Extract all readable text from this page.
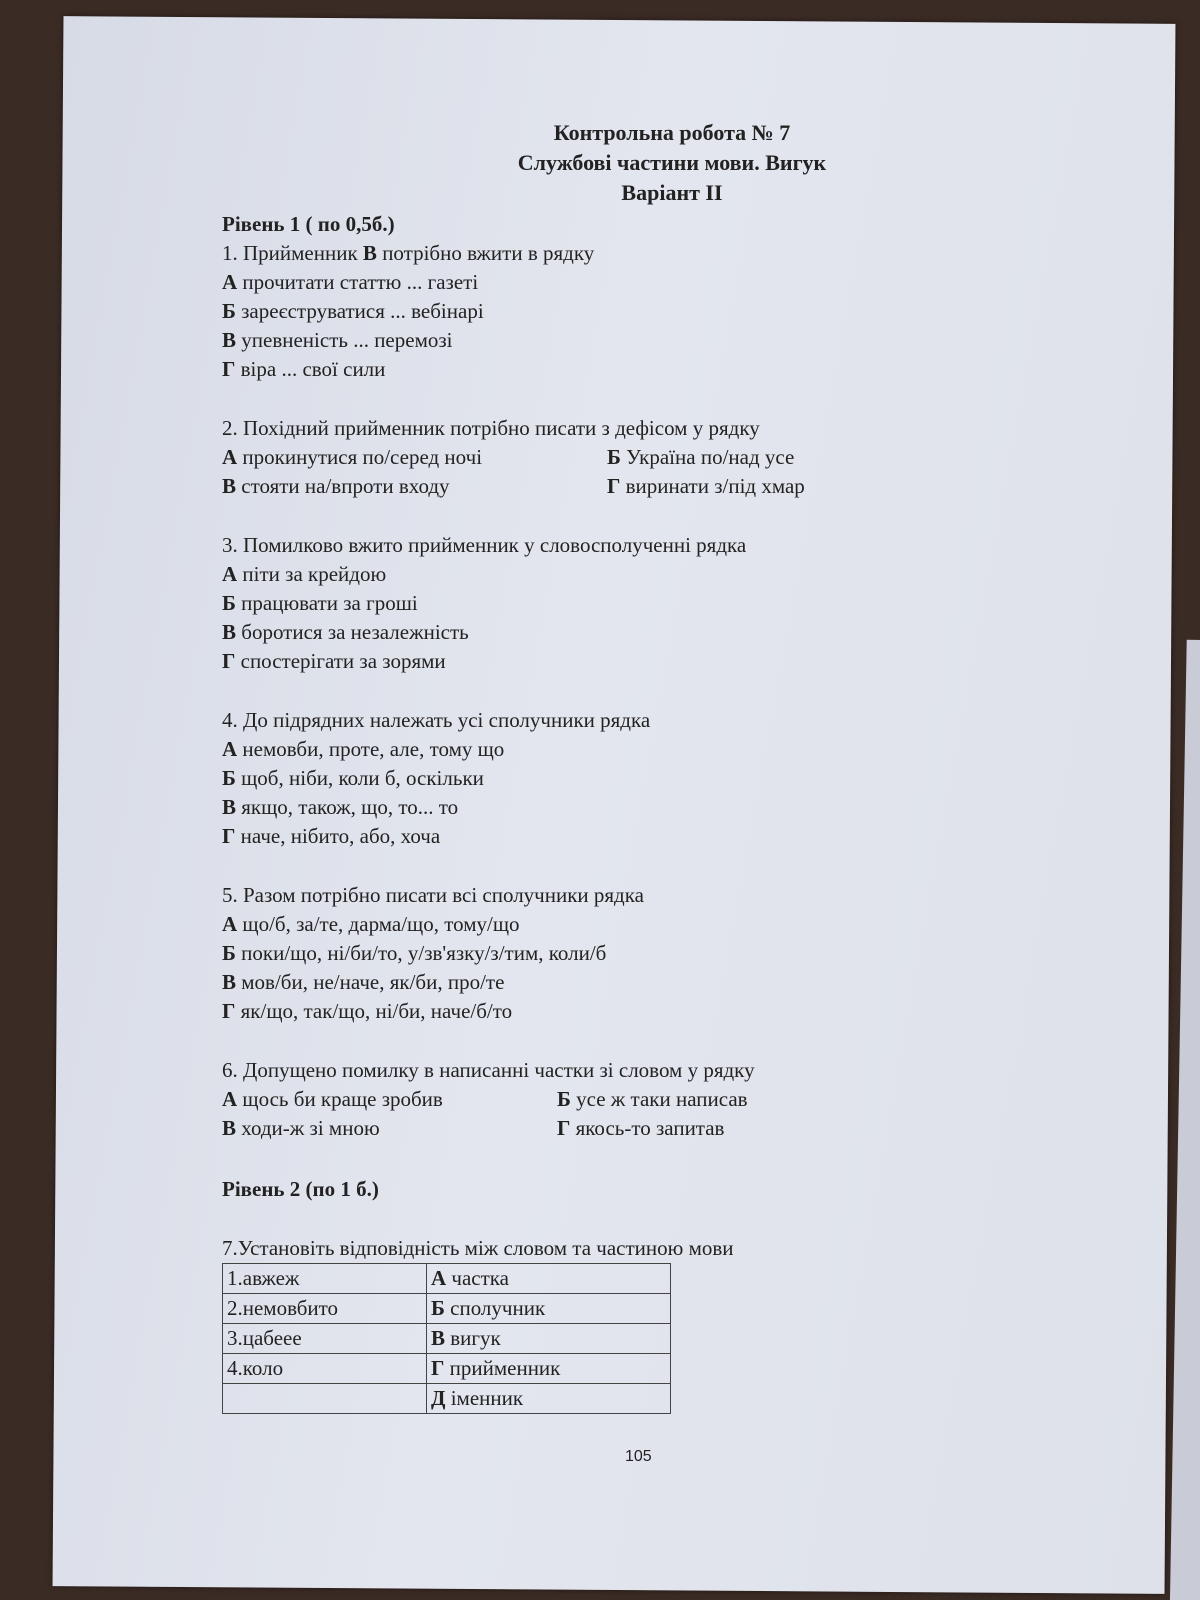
Контрольна робота № 7
Службові частини мови. Вигук
Варіант ІІ
Рівень 1 ( по 0,5б.)
1. Прийменник В потрібно вжити в рядку
А прочитати статтю ... газеті
Б зареєструватися ... вебінарі
В упевненість ... перемозі
Г віра ... свої сили
2. Похідний прийменник потрібно писати з дефісом у рядку
А прокинутися по/серед ночі	Б Україна по/над усе
В стояти на/впроти входу	Г виринати з/під хмар
3. Помилково вжито прийменник у словосполученні рядка
А піти за крейдою
Б працювати за гроші
В боротися за незалежність
Г спостерігати за зорями
4. До підрядних належать усі сполучники рядка
А немовби, проте, але, тому що
Б щоб, ніби, коли б, оскільки
В якщо, також, що, то... то
Г наче, нібито, або, хоча
5. Разом потрібно писати всі сполучники рядка
А що/б, за/те, дарма/що, тому/що
Б поки/що, ні/би/то, у/зв'язку/з/тим, коли/б
В мов/би, не/наче, як/би, про/те
Г як/що, так/що, ні/би, наче/б/то
6. Допущено помилку в написанні частки зі словом у рядку
А щось би краще зробив	Б усе ж таки написав
В ходи-ж зі мною	Г якось-то запитав
Рівень 2 (по 1 б.)
7.Установіть відповідність між словом та частиною мови
1.авжеж	А частка
2.немовбито	Б сполучник
3.цабеее	В вигук
4.коло	Г прийменник
	Д іменник
105
